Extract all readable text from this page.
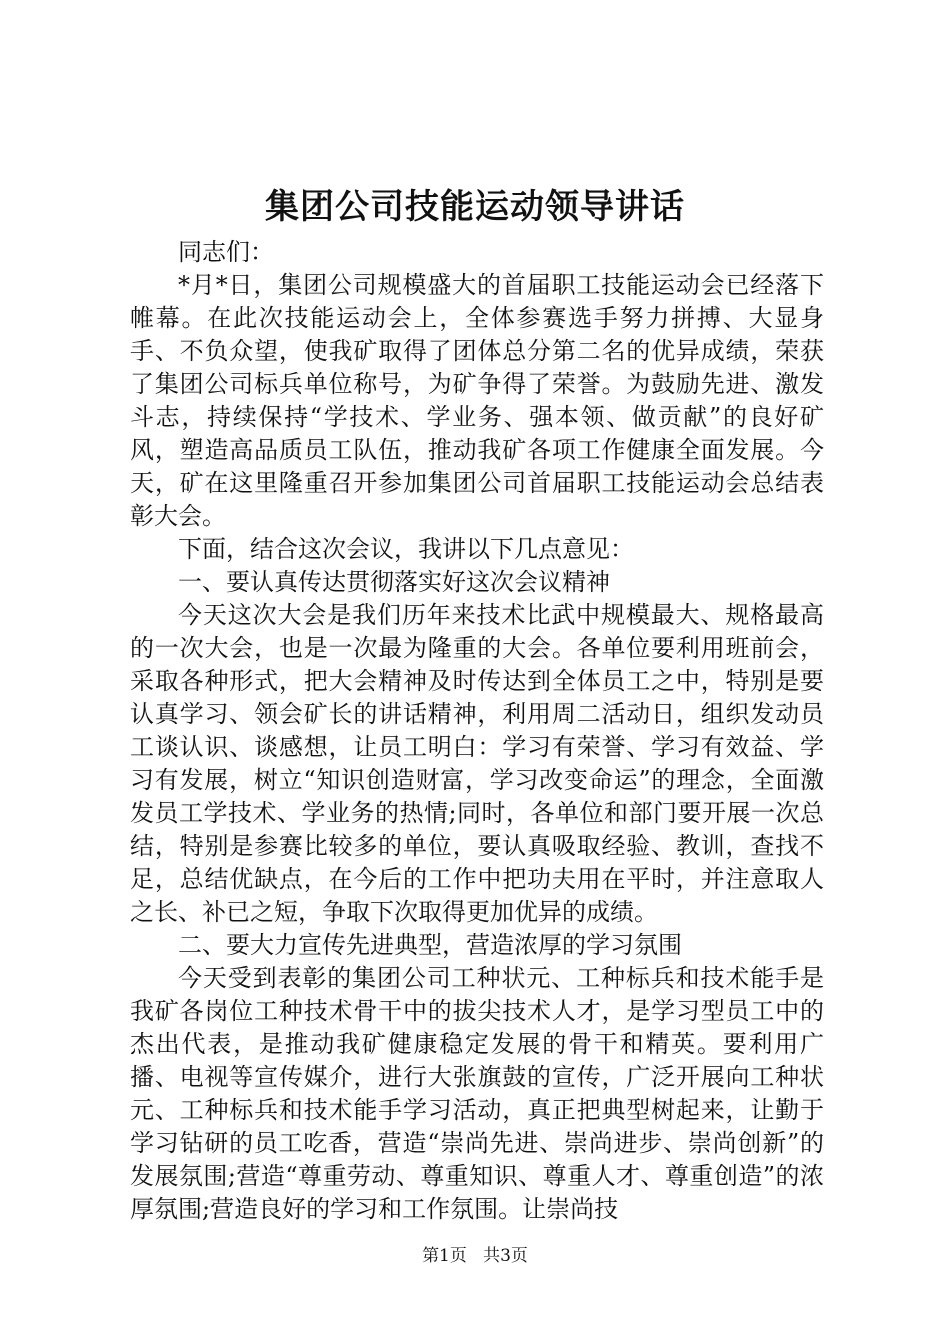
集团公司技能运动领导讲话

同志们：

*月*日，集团公司规模盛大的首届职工技能运动会已经落下帷幕。在此次技能运动会上，全体参赛选手努力拼搏、大显身手、不负众望，使我矿取得了团体总分第二名的优异成绩，荣获了集团公司标兵单位称号，为矿争得了荣誉。为鼓励先进、激发斗志，持续保持“学技术、学业务、强本领、做贡献”的良好矿风，塑造高品质员工队伍，推动我矿各项工作健康全面发展。今天，矿在这里隆重召开参加集团公司首届职工技能运动会总结表彰大会。

下面，结合这次会议，我讲以下几点意见：

一、要认真传达贯彻落实好这次会议精神

今天这次大会是我们历年来技术比武中规模最大、规格最高的一次大会，也是一次最为隆重的大会。各单位要利用班前会，采取各种形式，把大会精神及时传达到全体员工之中，特别是要认真学习、领会矿长的讲话精神，利用周二活动日，组织发动员工谈认识、谈感想，让员工明白：学习有荣誉、学习有效益、学习有发展，树立“知识创造财富，学习改变命运”的理念，全面激发员工学技术、学业务的热情;同时，各单位和部门要开展一次总结，特别是参赛比较多的单位，要认真吸取经验、教训，查找不足，总结优缺点，在今后的工作中把功夫用在平时，并注意取人之长、补已之短，争取下次取得更加优异的成绩。

二、要大力宣传先进典型，营造浓厚的学习氛围

今天受到表彰的集团公司工种状元、工种标兵和技术能手是我矿各岗位工种技术骨干中的拔尖技术人才，是学习型员工中的杰出代表，是推动我矿健康稳定发展的骨干和精英。要利用广播、电视等宣传媒介，进行大张旗鼓的宣传，广泛开展向工种状元、工种标兵和技术能手学习活动，真正把典型树起来，让勤于学习钻研的员工吃香，营造“崇尚先进、崇尚进步、崇尚创新”的发展氛围;营造“尊重劳动、尊重知识、尊重人才、尊重创造”的浓厚氛围;营造良好的学习和工作氛围。让崇尚技

第1页 共3页
